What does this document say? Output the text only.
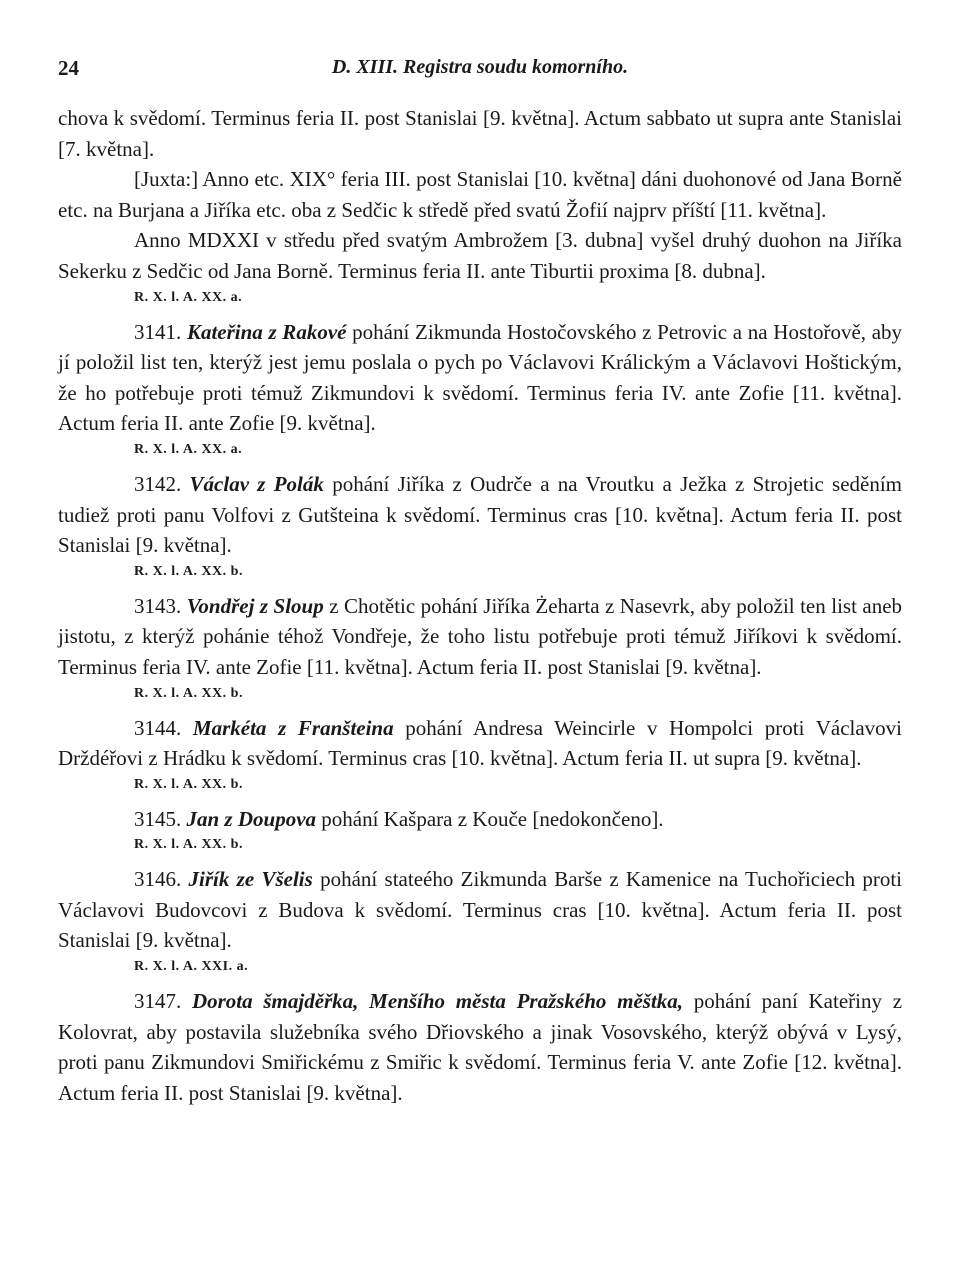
24	D. XIII. Registra soudu komorního.

chova k svědomí. Terminus feria II. post Stanislai [9. května]. Actum sabbato ut supra ante Stanislai [7. května].

[Juxta:] Anno etc. XIX° feria III. post Stanislai [10. května] dáni duohonové od Jana Borně etc. na Burjana a Jiříka etc. oba z Sedčic k středě před svatú Žofií najprv příští [11. května].

Anno MDXXI v středu před svatým Ambrožem [3. dubna] vyšel druhý duohon na Jiříka Sekerku z Sedčic od Jana Borně. Terminus feria II. ante Tiburtii proxima [8. dubna].

R. X. l. A. XX. a.

3141. Kateřina z Rakové pohání Zikmunda Hostočovského z Petrovic a na Hostořově, aby jí položil list ten, kterýž jest jemu poslala o pych po Václavovi Králickým a Václavovi Hoštickým, že ho potřebuje proti témuž Zikmundovi k svědomí. Terminus feria IV. ante Zofie [11. května]. Actum feria II. ante Zofie [9. května].

R. X. l. A. XX. a.

3142. Václav z Polák pohání Jiříka z Oudrče a na Vroutku a Ježka z Strojetic seděním tudiež proti panu Volfovi z Gutšteina k svědomí. Terminus cras [10. května]. Actum feria II. post Stanislai [9. května].

R. X. l. A. XX. b.

3143. Vondřej z Sloup z Chotětic pohání Jiříka Żeharta z Nasevrk, aby položil ten list aneb jistotu, z kterýž pohánie téhož Vondřeje, že toho listu potřebuje proti témuž Jiříkovi k svědomí. Terminus feria IV. ante Zofie [11. května]. Actum feria II. post Stanislai [9. května].

R. X. l. A. XX. b.

3144. Markéta z Franšteina pohání Andresa Weincirle v Hompolci proti Václavovi Drždéřovi z Hrádku k svědomí. Terminus cras [10. května]. Actum feria II. ut supra [9. května].

R. X. l. A. XX. b.

3145. Jan z Doupova pohání Kašpara z Kouče [nedokončeno].

R. X. l. A. XX. b.

3146. Jiřík ze Všelis pohání stateého Zikmunda Barše z Kamenice na Tuchořiciech proti Václavovi Budovcovi z Budova k svědomí. Terminus cras [10. května]. Actum feria II. post Stanislai [9. května].

R. X. l. A. XXI. a.

3147. Dorota šmajděřka, Menšího města Pražského měštka, pohání paní Kateřiny z Kolovrat, aby postavila služebníka svého Dřiovského a jinak Vosovského, kterýž obývá v Lysý, proti panu Zikmundovi Smiřickému z Smiřic k svědomí. Terminus feria V. ante Zofie [12. května]. Actum feria II. post Stanislai [9. května].
